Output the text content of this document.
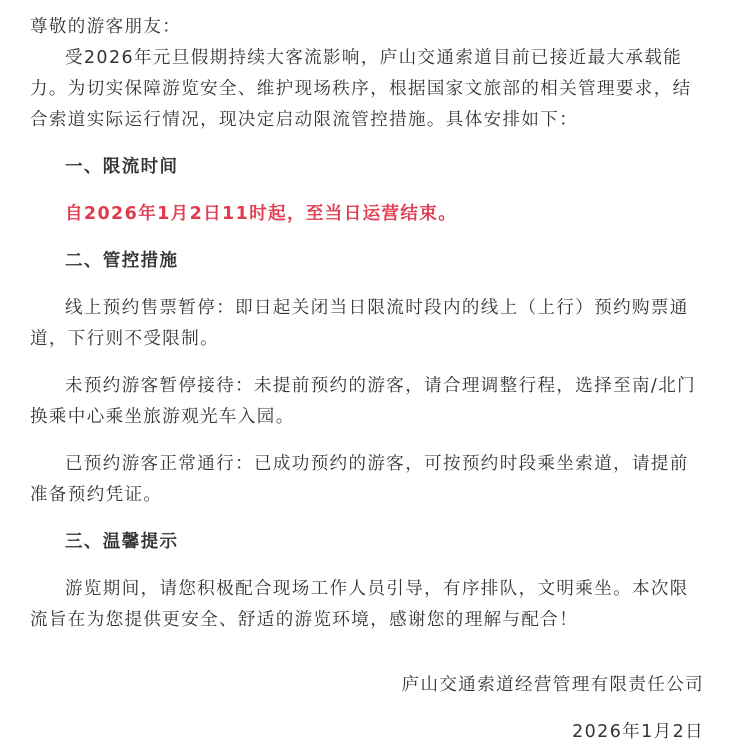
尊敬的游客朋友：

受2026年元旦假期持续大客流影响，庐山交通索道目前已接近最大承载能

力。为切实保障游览安全、维护现场秩序，根据国家文旅部的相关管理要求，结

合索道实际运行情况，现决定启动限流管控措施。具体安排如下：

一、限流时间

自2026年1月2日11时起，至当日运营结束。

二、管控措施

线上预约售票暂停：即日起关闭当日限流时段内的线上（上行）预约购票通

道，下行则不受限制。

未预约游客暂停接待：未提前预约的游客，请合理调整行程，选择至南/北门

换乘中心乘坐旅游观光车入园。

已预约游客正常通行：已成功预约的游客，可按预约时段乘坐索道，请提前

准备预约凭证。

三、温馨提示

游览期间，请您积极配合现场工作人员引导，有序排队，文明乘坐。本次限

流旨在为您提供更安全、舒适的游览环境，感谢您的理解与配合！

庐山交通索道经营管理有限责任公司

2026年1月2日
